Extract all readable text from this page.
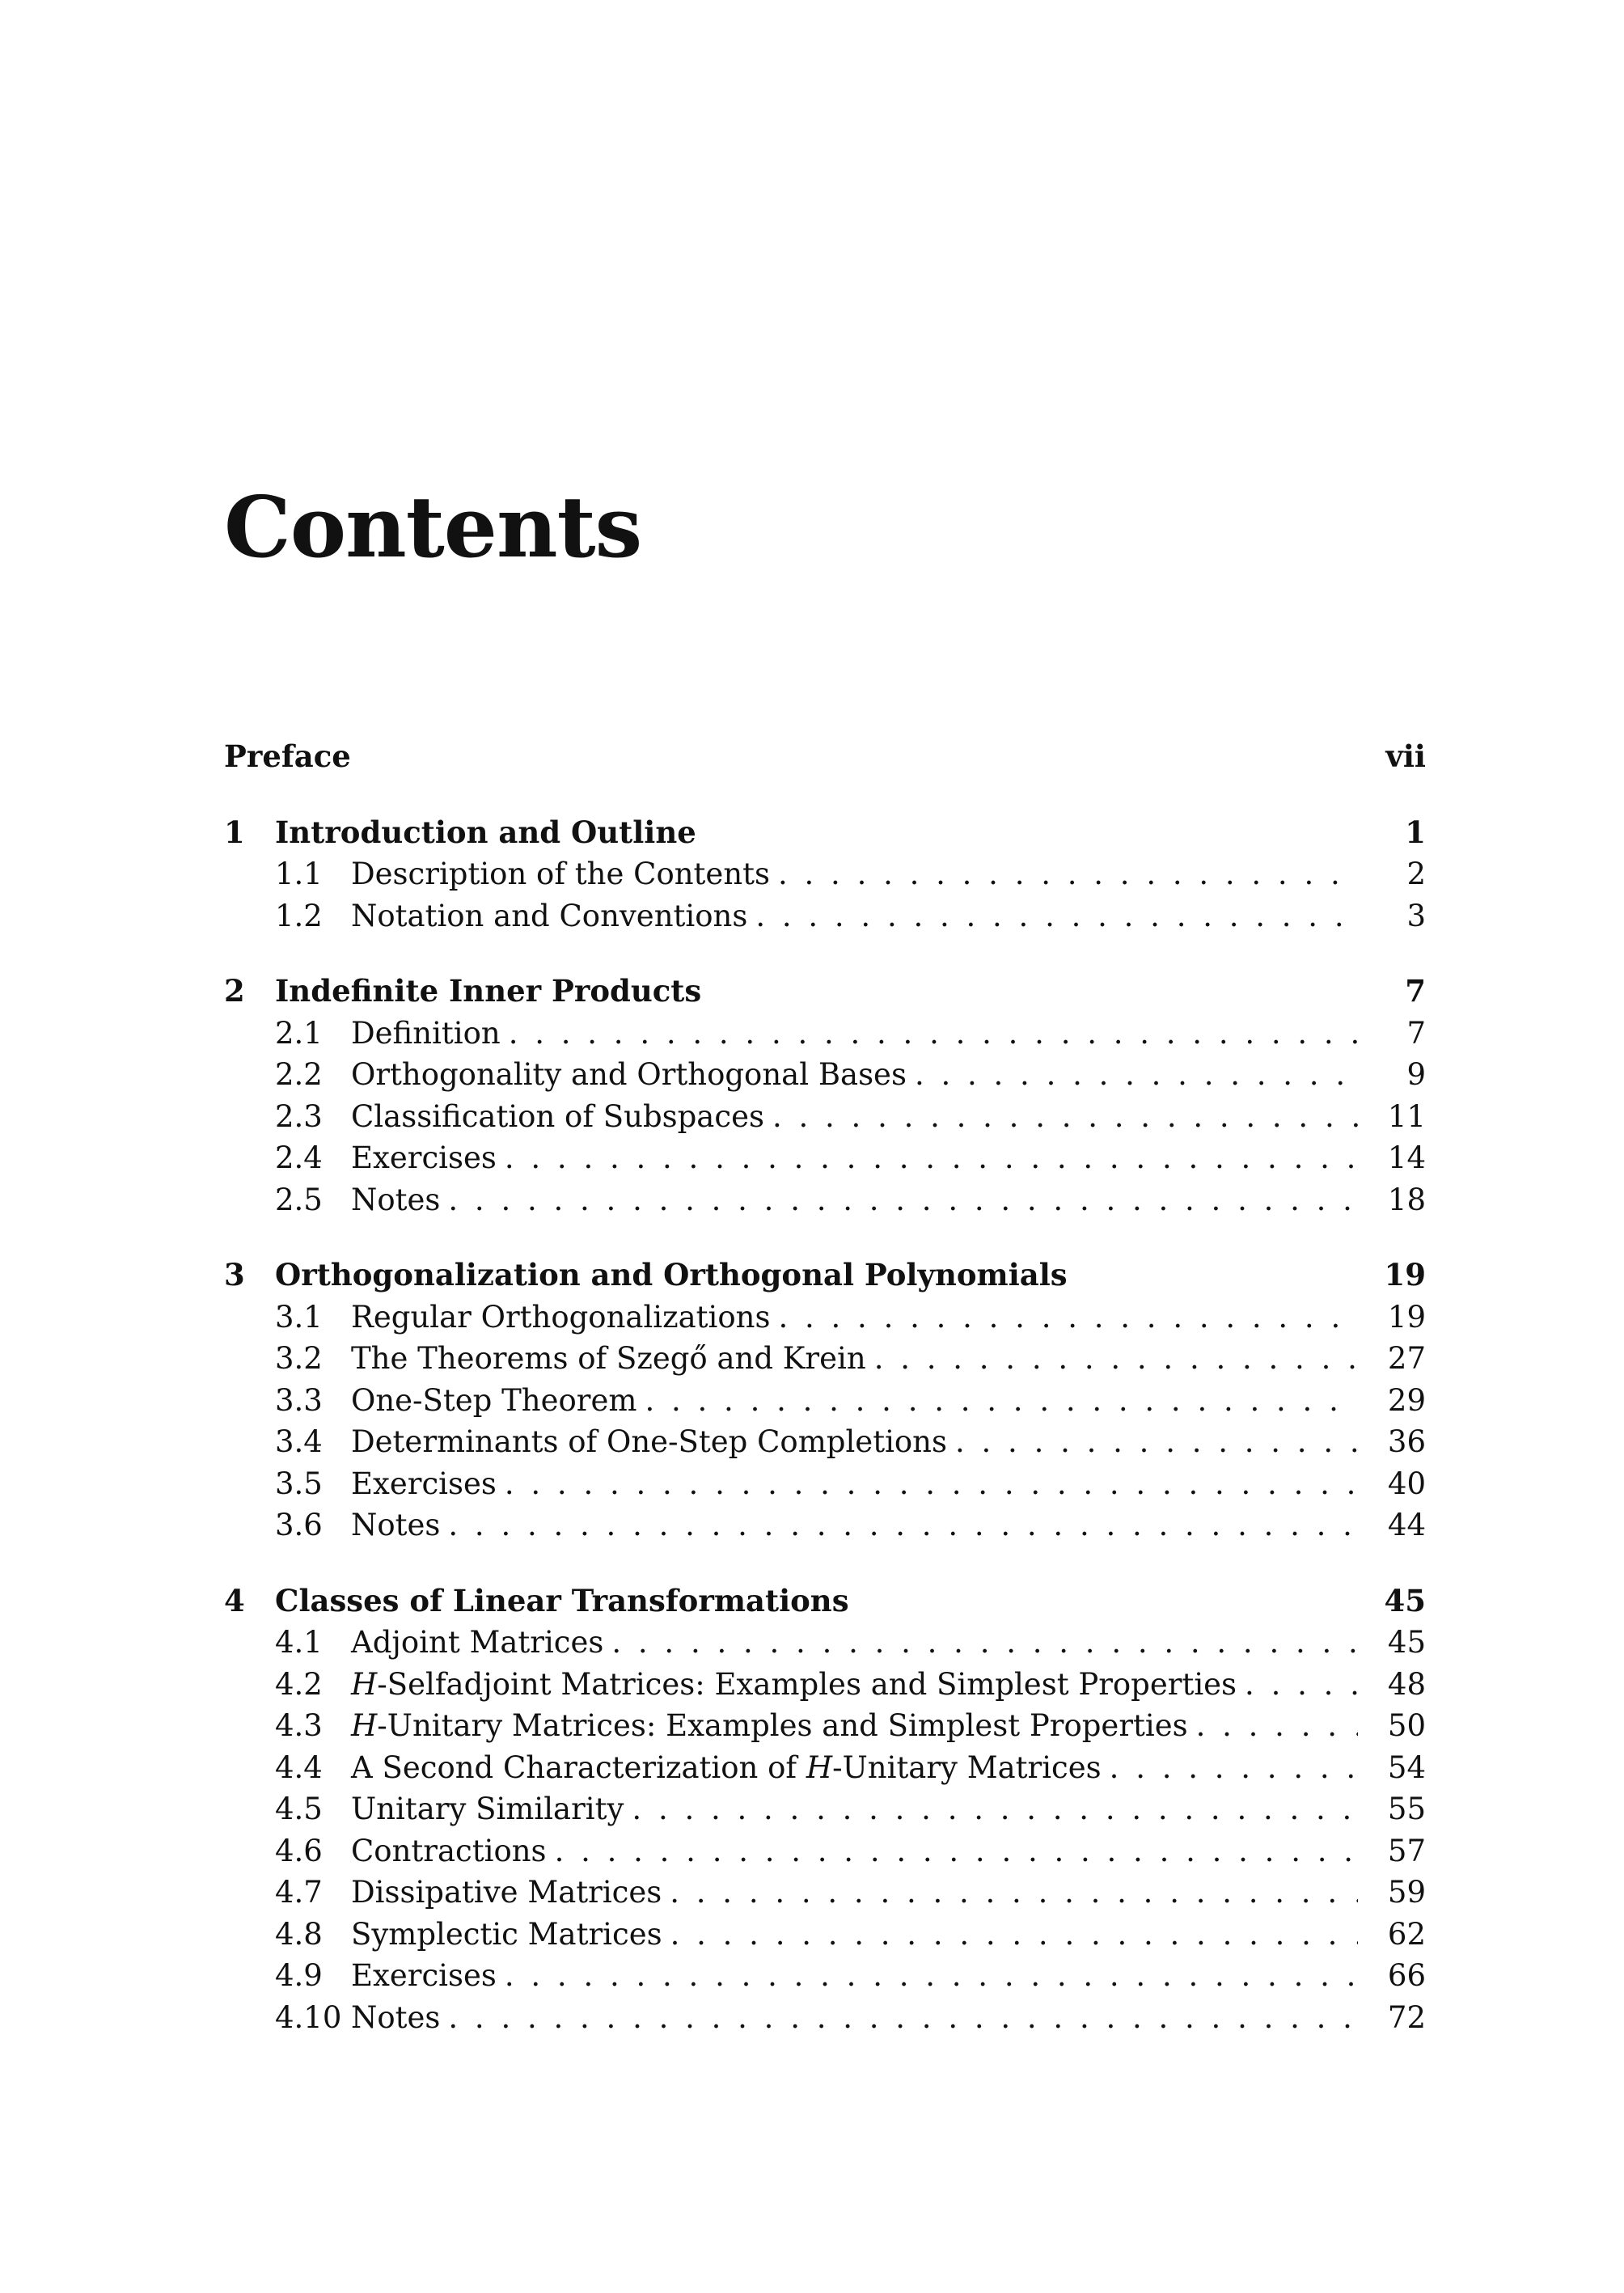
Contents
Preface	vii
1	Introduction and Outline	1
1.1 Description of the Contents . . .	2
1.2 Notation and Conventions . . .	3
2	Indefinite Inner Products	7
2.1 Definition . . .	7
2.2 Orthogonality and Orthogonal Bases . . .	9
2.3 Classification of Subspaces . . .	11
2.4 Exercises . . .	14
2.5 Notes . . .	18
3	Orthogonalization and Orthogonal Polynomials	19
3.1 Regular Orthogonalizations . . .	19
3.2 The Theorems of Szegő and Krein . . .	27
3.3 One-Step Theorem . . .	29
3.4 Determinants of One-Step Completions . . .	36
3.5 Exercises . . .	40
3.6 Notes . . .	44
4	Classes of Linear Transformations	45
4.1 Adjoint Matrices . . .	45
4.2 H-Selfadjoint Matrices: Examples and Simplest Properties . . .	48
4.3 H-Unitary Matrices: Examples and Simplest Properties . . .	50
4.4 A Second Characterization of H-Unitary Matrices . . .	54
4.5 Unitary Similarity . . .	55
4.6 Contractions . . .	57
4.7 Dissipative Matrices . . .	59
4.8 Symplectic Matrices . . .	62
4.9 Exercises . . .	66
4.10 Notes . . .	72
